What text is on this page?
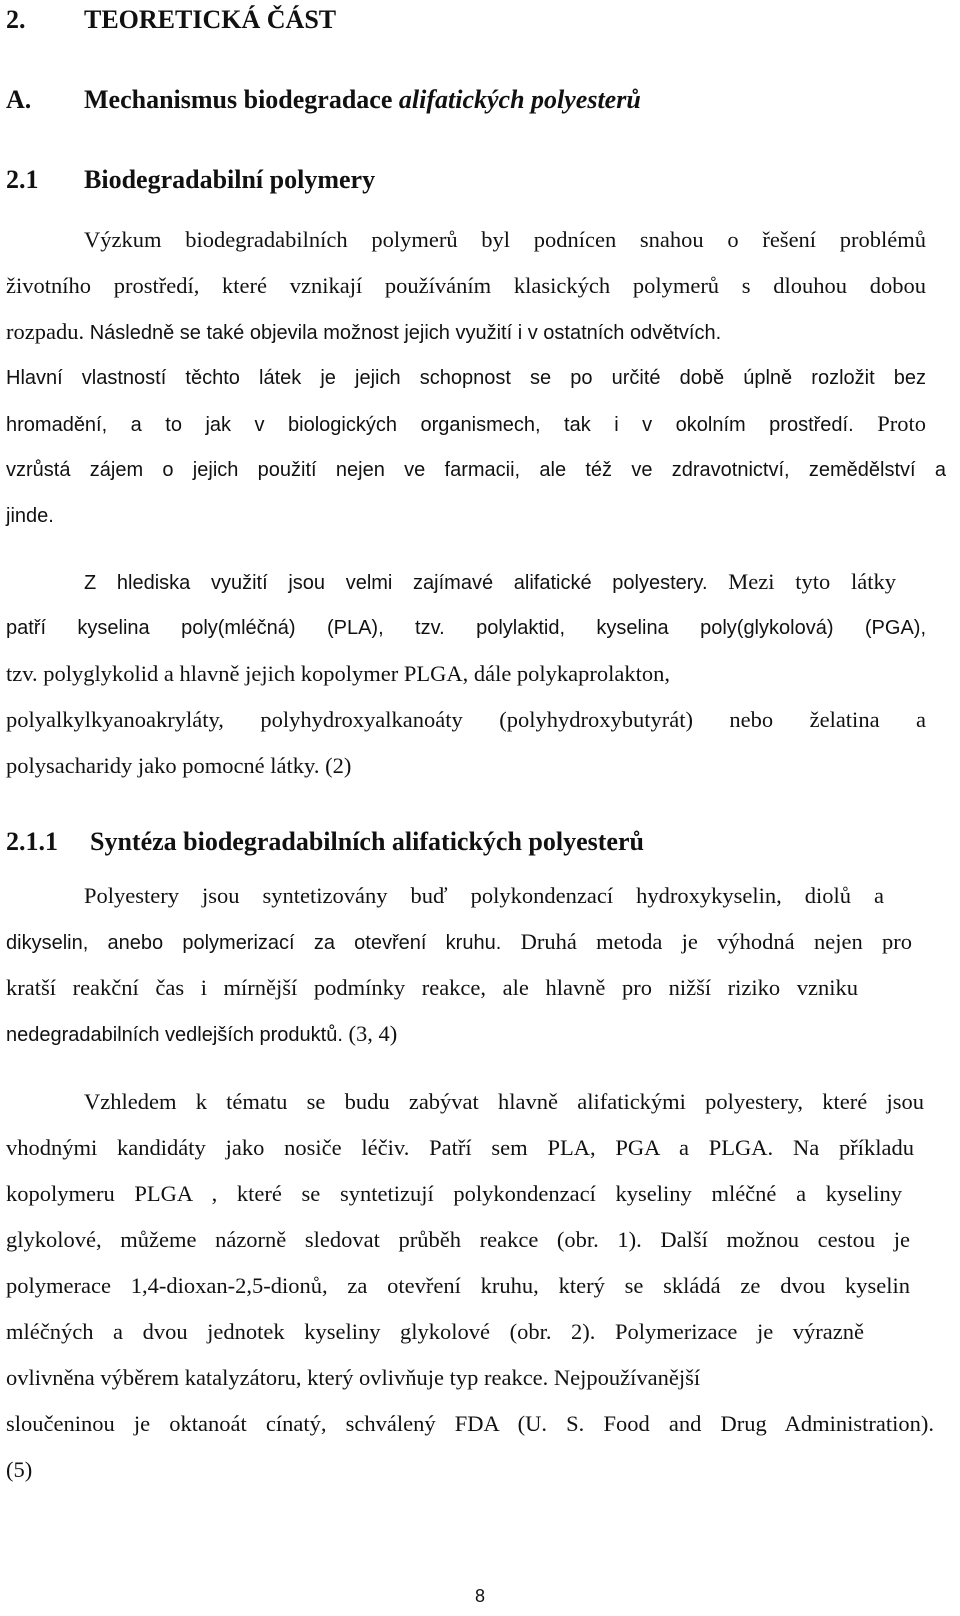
2. TEORETICKÁ ČÁST
A. Mechanismus biodegradace alifatických polyesterů
2.1 Biodegradabilní polymery

Výzkum biodegradabilních polymerů byl podnícen snahou o řešení problémů

životního prostředí, které vznikají používáním klasických polymerů s dlouhou dobou

rozpadu. Následně se také objevila možnost jejich využití i v ostatních odvětvích.

Hlavní vlastností těchto látek je jejich schopnost se po určité době úplně rozložit bez

hromadění, a to jak v biologických organismech, tak i v okolním prostředí. Proto

vzrůstá zájem o jejich použití nejen ve farmacii, ale též ve zdravotnictví, zemědělství a

jinde.

Z hlediska využití jsou velmi zajímavé alifatické polyestery. Mezi tyto látky

patří kyselina poly(mléčná) (PLA), tzv. polylaktid, kyselina poly(glykolová) (PGA),

tzv. polyglykolid a hlavně jejich kopolymer PLGA, dále polykaprolakton,

polyalkylkyanoakryláty, polyhydroxyalkanoáty (polyhydroxybutyrát) nebo želatina a

polysacharidy jako pomocné látky. (2)

2.1.1 Syntéza biodegradabilních alifatických polyesterů

Polyestery jsou syntetizovány buď polykondenzací hydroxykyselin, diolů a

dikyselin, anebo polymerizací za otevření kruhu. Druhá metoda je výhodná nejen pro

kratší reakční čas i mírnější podmínky reakce, ale hlavně pro nižší riziko vzniku

nedegradabilních vedlejších produktů. (3, 4)

Vzhledem k tématu se budu zabývat hlavně alifatickými polyestery, které jsou

vhodnými kandidáty jako nosiče léčiv. Patří sem PLA, PGA a PLGA. Na příkladu

kopolymeru PLGA , které se syntetizují polykondenzací kyseliny mléčné a kyseliny

glykolové, můžeme názorně sledovat průběh reakce (obr. 1). Další možnou cestou je

polymerace 1,4-dioxan-2,5-dionů, za otevření kruhu, který se skládá ze dvou kyselin

mléčných a dvou jednotek kyseliny glykolové (obr. 2). Polymerizace je výrazně

ovlivněna výběrem katalyzátoru, který ovlivňuje typ reakce. Nejpoužívanější

sloučeninou je oktanoát cínatý, schválený FDA (U. S. Food and Drug Administration).

(5)

8
